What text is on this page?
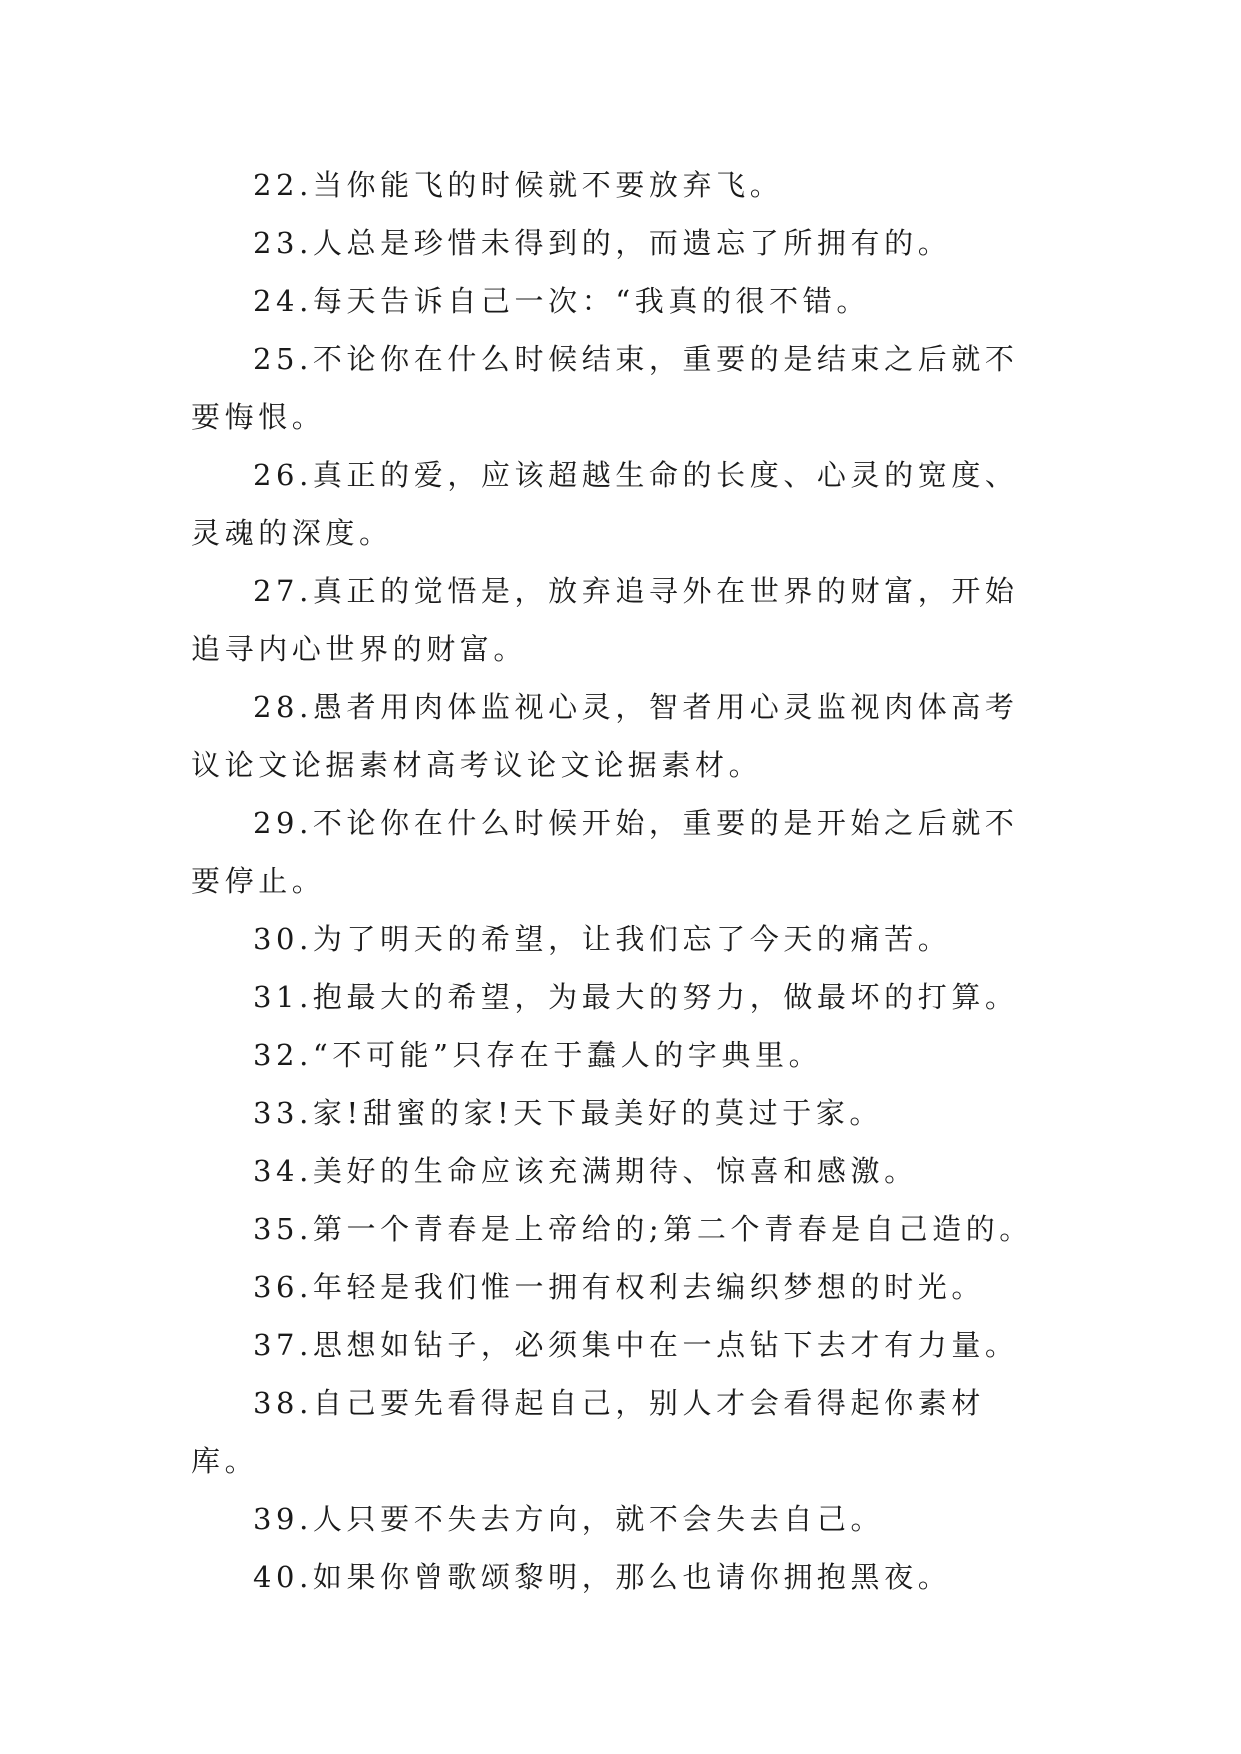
22.当你能飞的时候就不要放弃飞。

23.人总是珍惜未得到的，而遗忘了所拥有的。

24.每天告诉自己一次：“我真的很不错。

25.不论你在什么时候结束，重要的是结束之后就不要悔恨。

26.真正的爱，应该超越生命的长度、心灵的宽度、灵魂的深度。

27.真正的觉悟是，放弃追寻外在世界的财富，开始追寻内心世界的财富。

28.愚者用肉体监视心灵，智者用心灵监视肉体高考议论文论据素材高考议论文论据素材。

29.不论你在什么时候开始，重要的是开始之后就不要停止。

30.为了明天的希望，让我们忘了今天的痛苦。

31.抱最大的希望，为最大的努力，做最坏的打算。

32.“不可能”只存在于蠢人的字典里。

33.家!甜蜜的家!天下最美好的莫过于家。

34.美好的生命应该充满期待、惊喜和感激。

35.第一个青春是上帝给的;第二个青春是自己造的。

36.年轻是我们惟一拥有权利去编织梦想的时光。

37.思想如钻子，必须集中在一点钻下去才有力量。

38.自己要先看得起自己，别人才会看得起你素材库。

39.人只要不失去方向，就不会失去自己。

40.如果你曾歌颂黎明，那么也请你拥抱黑夜。
